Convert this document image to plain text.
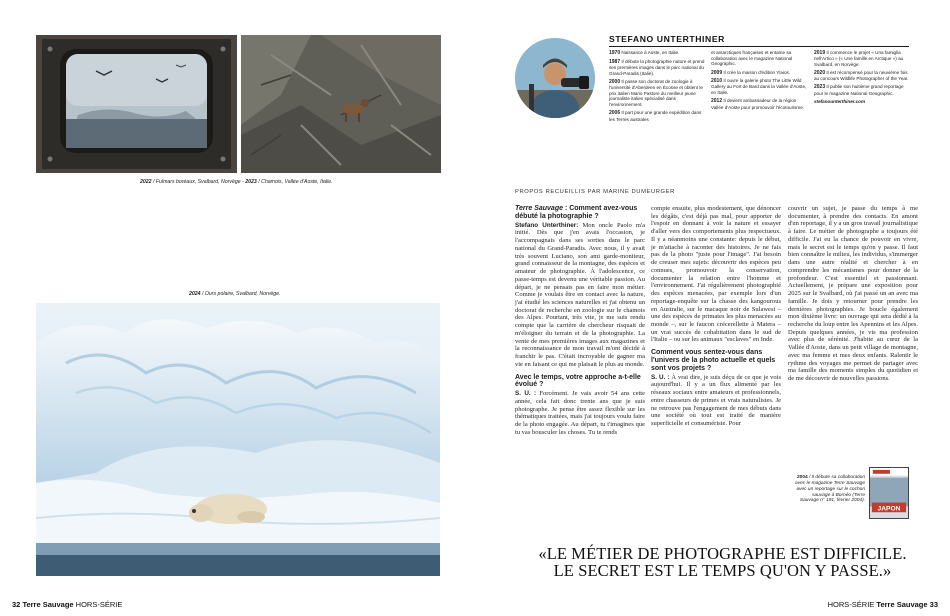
2022 / Fulmars boréaux, Svalbard, Norvège - 2023 / Chamois, Vallée d'Aoste, Italie.
2024 / Ours polaire, Svalbard, Norvège.
32 Terre Sauvage HORS-SÉRIE
STEFANO UNTERTHINER
1970 Naissance à Aoste, en Italie.
1987 Il débute la photographie nature et prend ses premières images dans le parc national du Grand-Paradis (Italie).
2000 Il passe son doctorat de zoologie à l'université d'Aberdeen en Écosse et obtient le prix italien Mario Pastore du meilleur jeune journaliste italien spécialisé dans l'environnement.
2006 Il part pour une grande expédition dans les Terres australes
et antarctiques françaises et entame sa collaboration avec le magazine National Geographic.
2009 Il crée la maison d'édition Ylaios.
2010 Il ouvre la galerie photo The Little Wild Gallery au Fort de Bard dans la Vallée d'Aoste, en Italie.
2012 Il devient ambassadeur de la région Vallée d'Aoste pour promouvoir l'écotourisme.
2019 Il commence le projet « Una famiglia nell'Artico » (« Une famille en Arctique ») au Svalbard, en Norvège.
2020 Il est récompensé pour la neuvième fois au concours Wildlife Photographer of the Year.
2023 Il publie son huitième grand reportage pour le magazine National Geographic.
stefanounterthiner.com
PROPOS RECUEILLIS PAR MARINE DUMEURGER
Terre Sauvage : Comment avez-vous débuté la photographie ?

Stefano Unterthiner: Mon oncle Paolo m'a initié. Dès que j'en avais l'occasion, je l'accompagnais dans ses sorties dans le parc national du Grand-Paradis. Avec nous, il y avait très souvent Luciano, son ami garde-moniteur, grand connaisseur de la montagne, des espèces et amateur de photographie. À l'adolescence, ce passe-temps est devenu une véritable passion. Au départ, je ne pensais pas en faire mon métier. Comme je voulais être en contact avec la nature, j'ai étudié les sciences naturelles et j'ai obtenu un doctorat de recherche en zoologie sur le chamois des Alpes. Pourtant, très vite, je me suis rendu compte que la carrière de chercheur risquait de m'éloigner du terrain et de la photographie. La vente de mes premières images aux magazines et la reconnaissance de mon travail m'ont décidé à franchir le pas. C'était incroyable de gagner ma vie en faisant ce qui me plaisait le plus au monde.

Avec le temps, votre approche a-t-elle évolué ?

S. U. : Forcément. Je vais avoir 54 ans cette année, cela fait donc trente ans que je suis photographe. Je pense être assez flexible sur les thématiques traitées, mais j'ai toujours voulu faire de la photo engagée. Au départ, tu t'imagines que tu vas bousculer les choses. Tu te rends

compte ensuite, plus modestement, que dénoncer les dégâts, c'est déjà pas mal, pour apporter de l'espoir en donnant à voir la nature et essayer d'aller vers des comportements plus respectueux. Il y a néanmoins une constante: depuis le début, je m'attache à raconter des histoires. Je ne fais pas de la photo "juste pour l'image". J'ai besoin de creuser mes sujets: découvrir des espèces peu connues, promouvoir la conservation, documenter la relation entre l'homme et l'environnement. J'ai régulièrement photographié des espèces menacées, par exemple lors d'un reportage-enquête sur la chasse des kangourous en Australie, sur le macaque noir de Sulawesi – une des espèces de primates les plus menacées au monde –, sur le faucon crécerellette à Matera – un vrai succès de cohabitation dans le sud de l'Italie – ou sur les animaux "esclaves" en Inde.

Comment vous sentez-vous dans l'univers de la photo actuelle et quels sont vos projets ?

S. U. : À vrai dire, je suis déçu de ce que je vois aujourd'hui. Il y a un flux alimenté par les réseaux sociaux entre amateurs et professionnels, entre chasseurs de primes et vrais naturalistes. Je ne retrouve pas l'engagement de mes débuts dans une société où tout est traité de manière superficielle et consumériste. Pour

couvrir un sujet, je passe du temps à me documenter, à prendre des contacts. En amont d'un reportage, il y a un gros travail journalistique à faire. Le métier de photographe a toujours été difficile. J'ai eu la chance de pouvoir en vivre, mais le secret est le temps qu'on y passe. Il faut bien connaître le milieu, les individus, s'immerger dans une autre réalité et chercher à en comprendre les mécanismes pour donner de la profondeur. C'est essentiel et passionnant. Actuellement, je prépare une exposition pour 2025 sur le Svalbard, où j'ai passé un an avec ma famille. Je dois y retourner pour prendre les dernières photographies. Je boucle également mon dixième livre: un ouvrage qui sera dédié à la recherche du loup entre les Apennins et les Alpes. Depuis quelques années, je vis ma profession avec plus de sérénité. J'habite au cœur de la Vallée d'Aoste, dans un petit village de montagne, avec ma femme et mes deux enfants. Ralentir le rythme des voyages me permet de partager avec ma famille des moments simples du quotidien et de me découvrir de nouvelles passions.

2004 / Il débute sa collaboration avec le magazine Terre Sauvage avec un reportage sur le cochon sauvage à Bornéo (Terre Sauvage n° 191, février 2004).
JAPON
«LE MÉTIER DE PHOTOGRAPHE EST DIFFICILE.
LE SECRET EST LE TEMPS QU'ON Y PASSE.»
HORS-SÉRIE Terre Sauvage 33
